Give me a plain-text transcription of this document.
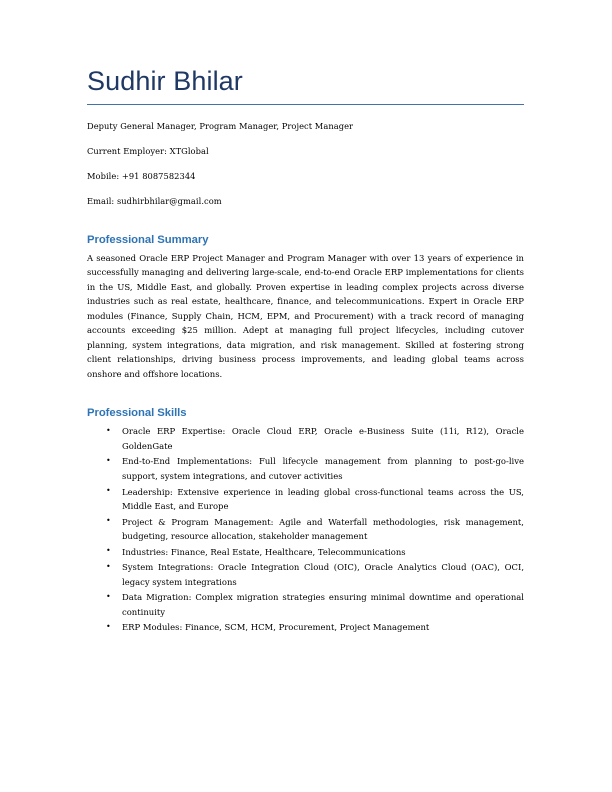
Sudhir Bhilar

Deputy General Manager, Program Manager, Project Manager

Current Employer: XTGlobal

Mobile: +91 8087582344

Email: sudhirbhilar@gmail.com

Professional Summary

A seasoned Oracle ERP Project Manager and Program Manager with over 13 years of experience in successfully managing and delivering large-scale, end-to-end Oracle ERP implementations for clients in the US, Middle East, and globally. Proven expertise in leading complex projects across diverse industries such as real estate, healthcare, finance, and telecommunications. Expert in Oracle ERP modules (Finance, Supply Chain, HCM, EPM, and Procurement) with a track record of managing accounts exceeding $25 million. Adept at managing full project lifecycles, including cutover planning, system integrations, data migration, and risk management. Skilled at fostering strong client relationships, driving business process improvements, and leading global teams across onshore and offshore locations.

Professional Skills
• Oracle ERP Expertise: Oracle Cloud ERP, Oracle e-Business Suite (11i, R12), Oracle GoldenGate
• End-to-End Implementations: Full lifecycle management from planning to post-go-live support, system integrations, and cutover activities
• Leadership: Extensive experience in leading global cross-functional teams across the US, Middle East, and Europe
• Project & Program Management: Agile and Waterfall methodologies, risk management, budgeting, resource allocation, stakeholder management
• Industries: Finance, Real Estate, Healthcare, Telecommunications
• System Integrations: Oracle Integration Cloud (OIC), Oracle Analytics Cloud (OAC), OCI, legacy system integrations
• Data Migration: Complex migration strategies ensuring minimal downtime and operational continuity
• ERP Modules: Finance, SCM, HCM, Procurement, Project Management
